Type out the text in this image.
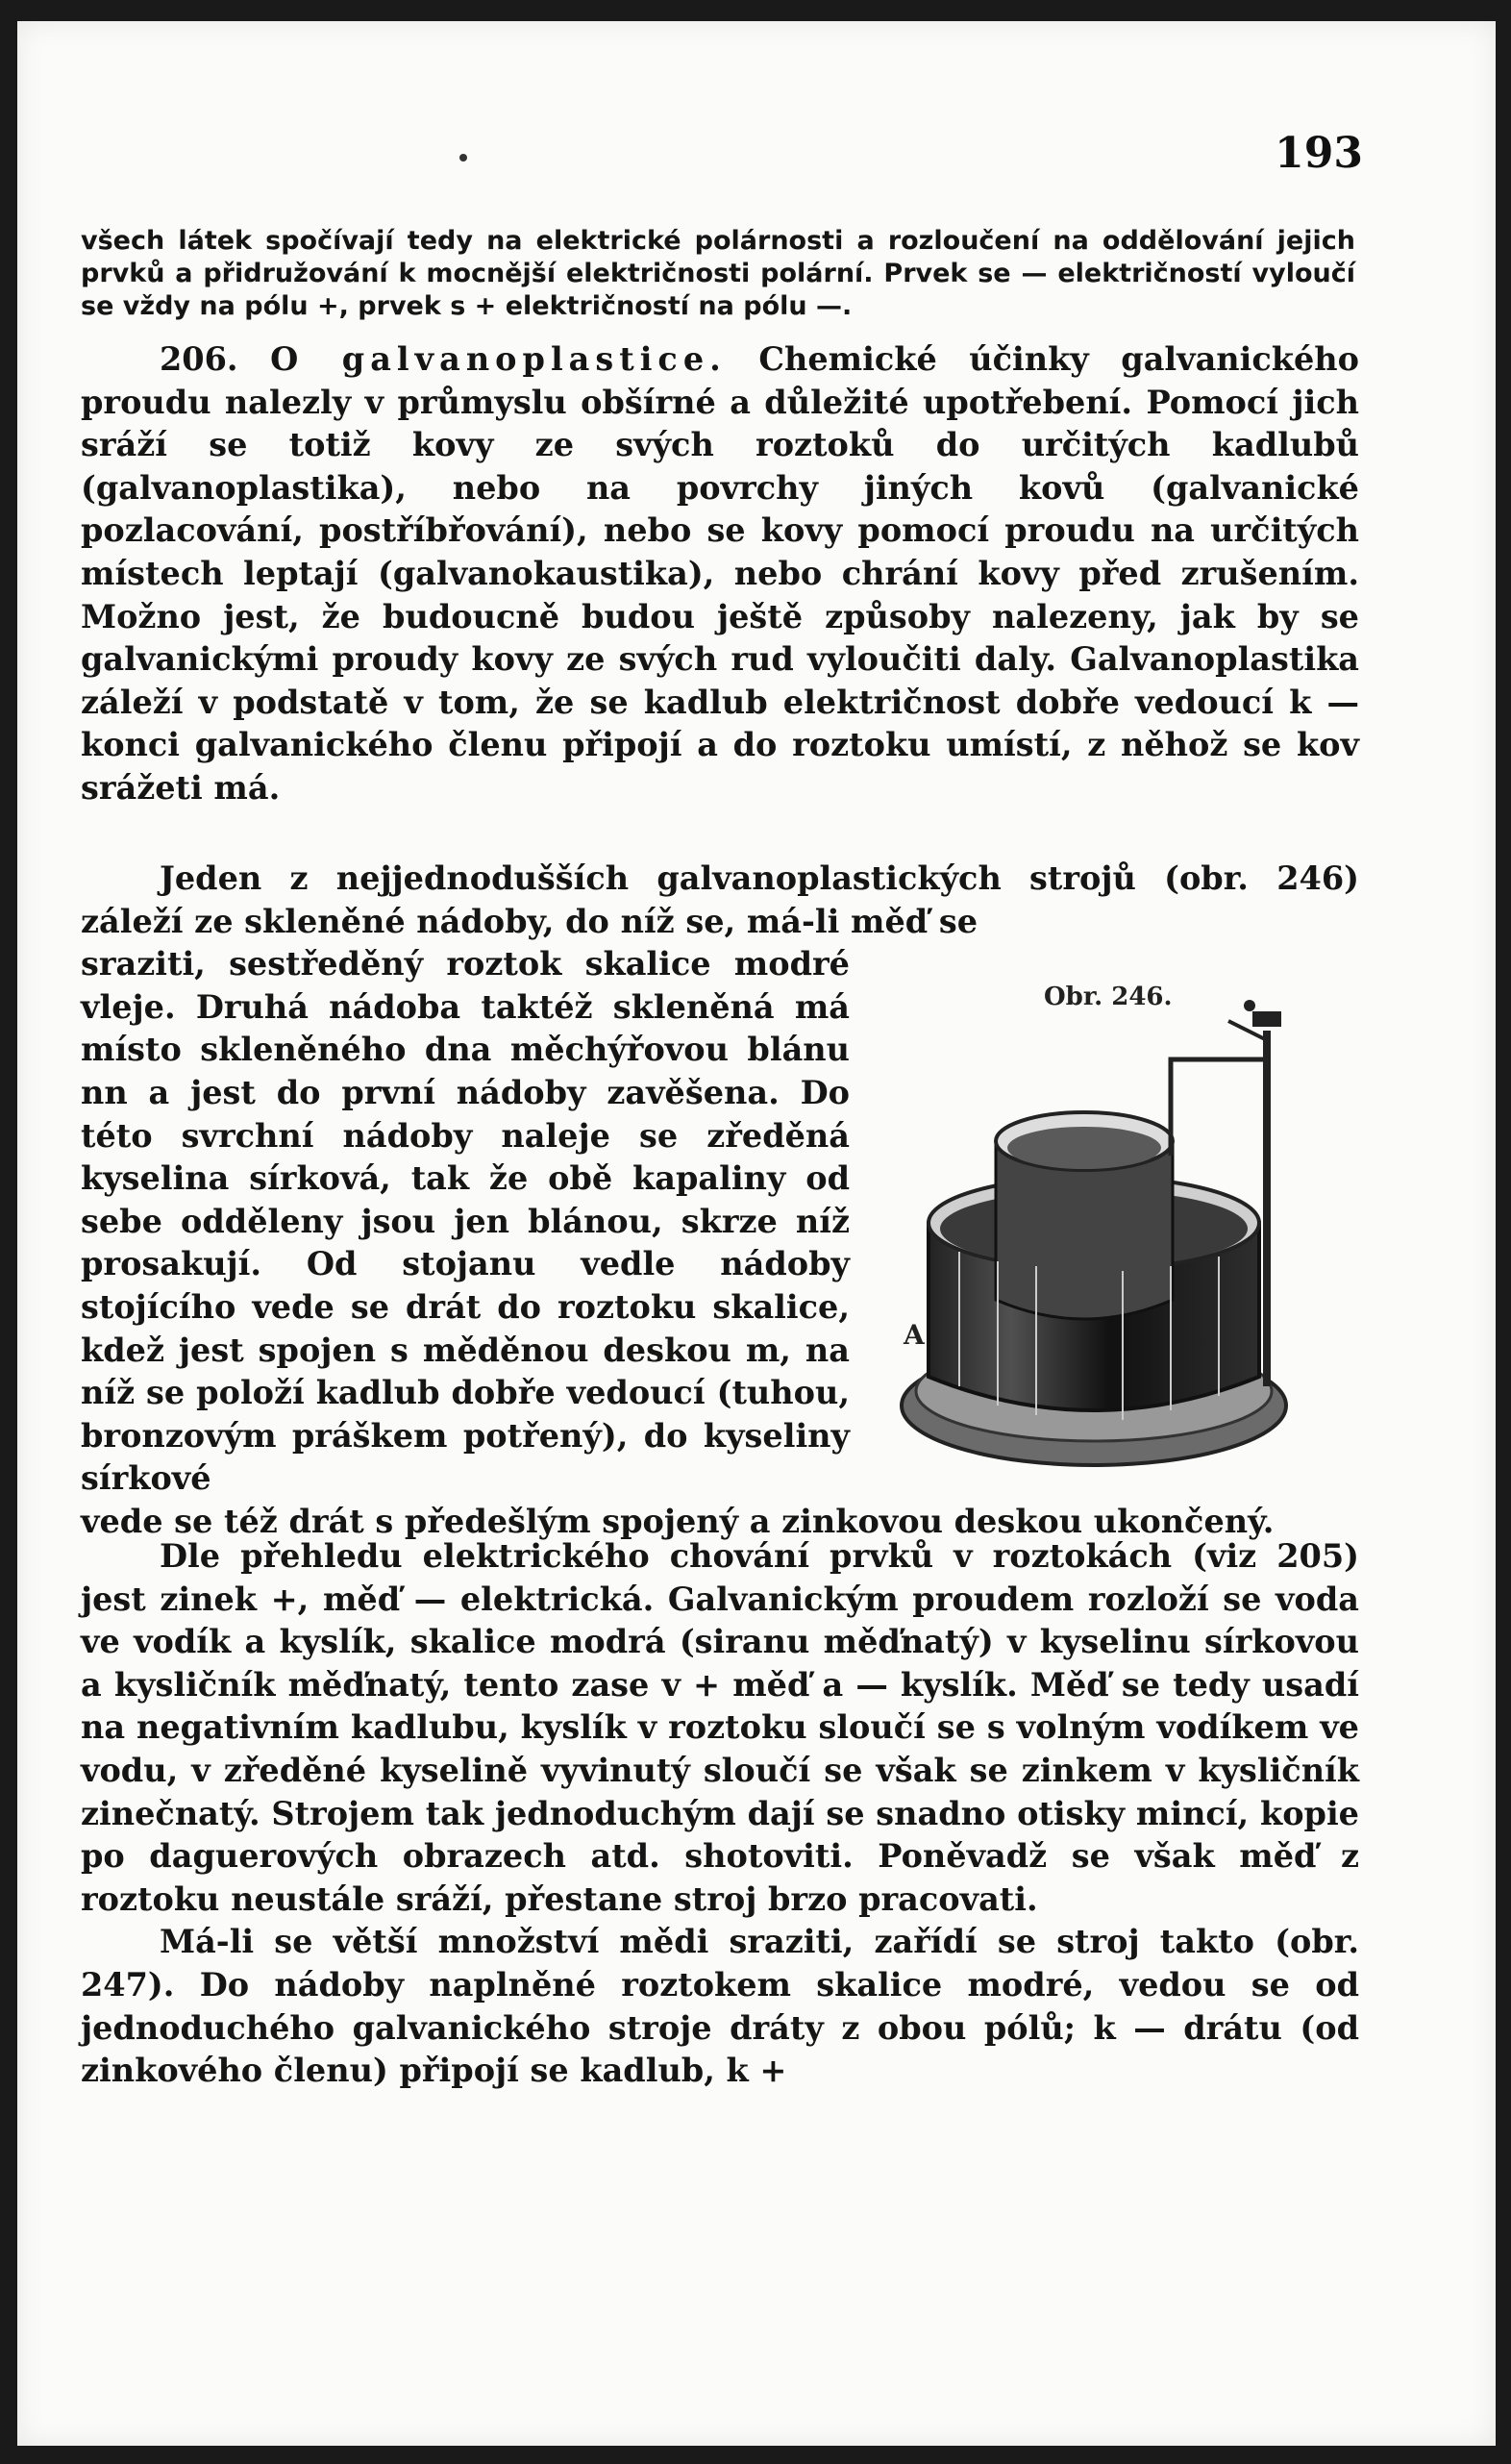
193
všech látek spočívají tedy na elektrické polárnosti a rozloučení na oddělování jejich prvků a přidružování k mocnější električnosti polární. Prvek se — električností vyloučí se vždy na pólu +, prvek s + električností na pólu —.
206. O galvanoplastice. Chemické účinky galvanického proudu nalezly v průmyslu obšírné a důležité upotřebení. Pomocí jich sráží se totiž kovy ze svých roztoků do určitých kadlubů (galvanoplastika), nebo na povrchy jiných kovů (galvanické pozlacování, postříbřování), nebo se kovy pomocí proudu na určitých místech leptají (galvanokaustika), nebo chrání kovy před zrušením. Možno jest, že budoucně budou ještě způsoby nalezeny, jak by se galvanickými proudy kovy ze svých rud vyloučiti daly. Galvanoplastika záleží v podstatě v tom, že se kadlub električnost dobře vedoucí k — konci galvanického členu připojí a do roztoku umístí, z něhož se kov srážeti má.
Jeden z nejjednodušších galvanoplastických strojů (obr. 246) záleží ze skleněné nádoby, do níž se, má-li měď se
sraziti, sestředěný roztok skalice modré vleje. Druhá nádoba taktéž skleněná má místo skleněného dna měchýřovou blánu nn a jest do první nádoby zavěšena. Do této svrchní nádoby naleje se zředěná kyselina sírková, tak že obě kapaliny od sebe odděleny jsou jen blánou, skrze níž prosakují. Od stojanu vedle nádoby stojícího vede se drát do roztoku skalice, kdež jest spojen s měděnou deskou m, na níž se položí kadlub dobře vedoucí (tuhou, bronzovým práškem potřený), do kyseliny sírkové
vede se též drát s předešlým spojený a zinkovou deskou ukončený.
Obr. 246.
A

Dle přehledu elektrického chování prvků v roztokách (viz 205) jest zinek +, měď — elektrická. Galvanickým proudem rozloží se voda ve vodík a kyslík, skalice modrá (siranu měďnatý) v kyselinu sírkovou a kysličník měďnatý, tento zase v + měď a — kyslík. Měď se tedy usadí na negativním kadlubu, kyslík v roztoku sloučí se s volným vodíkem ve vodu, v zředěné kyselině vyvinutý sloučí se však se zinkem v kysličník zinečnatý. Strojem tak jednoduchým dají se snadno otisky mincí, kopie po daguerových obrazech atd. shotoviti. Poněvadž se však měď z roztoku neustále sráží, přestane stroj brzo pracovati.

Má-li se větší množství mědi sraziti, zařídí se stroj takto (obr. 247). Do nádoby naplněné roztokem skalice modré, vedou se od jednoduchého galvanického stroje dráty z obou pólů; k — drátu (od zinkového členu) připojí se kadlub, k +
